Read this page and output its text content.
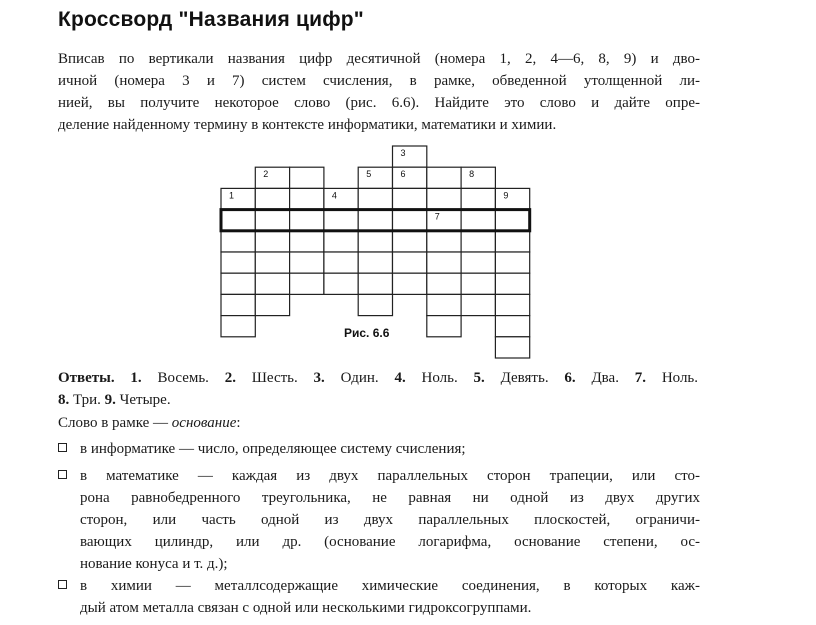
Кроссворд "Названия цифр"

Вписав по вертикали названия цифр десятичной (номера 1, 2, 4—6, 8, 9) и дво-
ичной (номера 3 и 7) систем счисления, в рамке, обведенной утолщенной ли-
нией, вы получите некоторое слово (рис. 6.6). Найдите это слово и дайте опре-
деление найденному термину в контексте информатики, математики и химии.

1
2
3
4
5	6
7
8
9
Рис. 6.6
Ответы. 1. Восемь. 2. Шесть. 3. Один. 4. Ноль. 5. Девять. 6. Два. 7. Ноль.
8. Три. 9. Четыре.
Слово в рамке — основание:
в информатике — число, определяющее систему счисления;
в математике — каждая из двух параллельных сторон трапеции, или сто-
рона равнобедренного треугольника, не равная ни одной из двух других
сторон, или часть одной из двух параллельных плоскостей, ограничи-
вающих цилиндр, или др. (основание логарифма, основание степени, ос-
нование конуса и т. д.);
в химии — металлсодержащие химические соединения, в которых каж-
дый атом металла связан с одной или несколькими гидроксогруппами.
